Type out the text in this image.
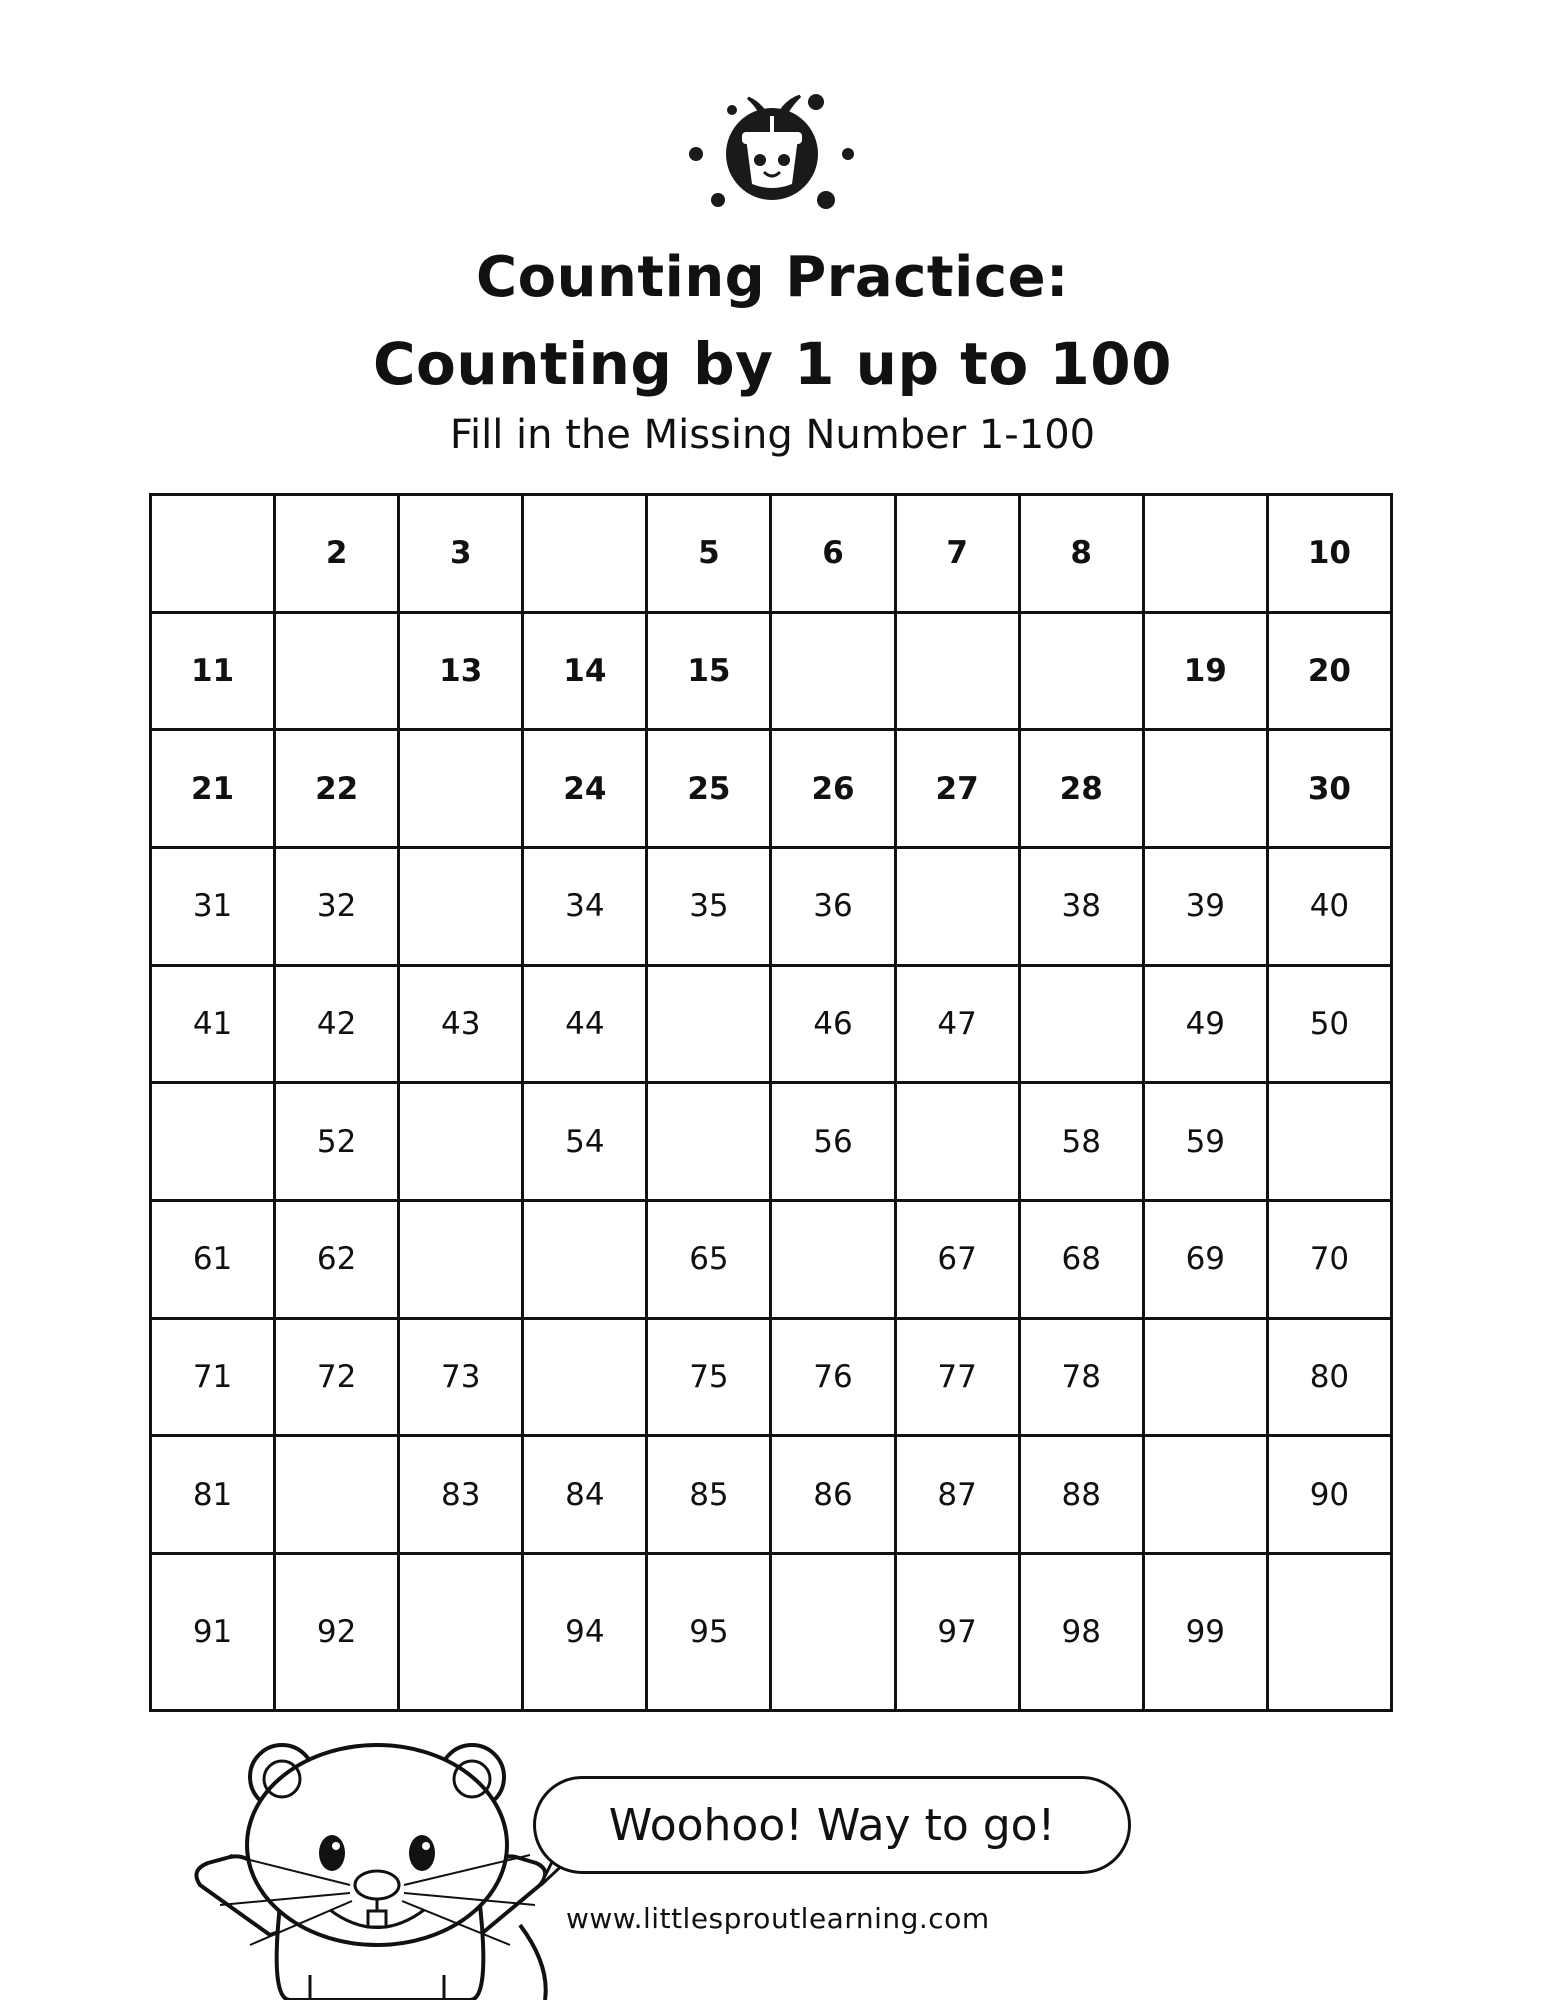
Counting Practice:
Counting by 1 up to 100
Fill in the Missing Number 1-100
	2	3		5	6	7	8		10
11		13	14	15				19	20
21	22		24	25	26	27	28		30
31	32		34	35	36		38	39	40
41	42	43	44		46	47		49	50
	52		54		56		58	59	
61	62			65		67	68	69	70
71	72	73		75	76	77	78		80
81		83	84	85	86	87	88		90
91	92		94	95		97	98	99	
Woohoo! Way to go!
www.littlesproutlearning.com
